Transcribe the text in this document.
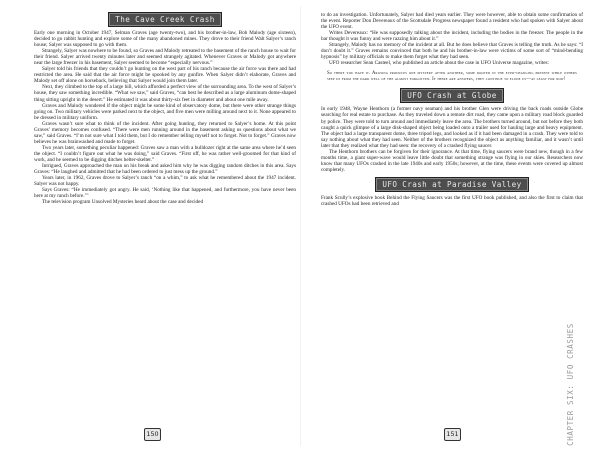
The Cave Creek Crash

Early one morning in October 1947, Selman Graves (age twenty-two), and his brother-in-law, Bob Malody (age sixteen), decided to go rabbit hunting and explore some of the many abandoned mines. They drove to their friend Walt Salyer’s ranch house; Salyer was supposed to go with them.

Strangely, Salyer was nowhere to be found, so Graves and Malody retreated to the basement of the ranch house to wait for their friend. Salyer arrived twenty minutes later and seemed strangely agitated. Whenever Graves or Malody got anywhere near the large freezer in his basement, Salyer seemed to become “especially nervous.”

Salyer told his friends that they couldn’t go hunting on the west part of his ranch because the air force was there and had restricted the area. He said that the air force might be spooked by any gunfire. When Salyer didn’t elaborate, Graves and Malody set off alone on horseback, believing that Salyer would join them later.

Next, they climbed to the top of a large hill, which afforded a perfect view of the surrounding area. To the west of Salyer’s house, they saw something incredible. “What we saw,” said Graves, “can best be described as a large aluminum dome-shaped thing sitting upright in the desert.” He estimated it was about thirty-six feet in diameter and about one mile away.

Graves and Malody wondered if the object might be some kind of observatory dome, but there were other strange things going on. Two military vehicles were parked next to the object, and five men were milling around next to it. None appeared to be dressed in military uniform.

Graves wasn’t sure what to think of the incident. After going hunting, they returned to Salyer’s home. At this point Graves’ memory becomes confused. “There were men running around in the basement asking us questions about what we saw,” said Graves. “I’m not sure what I told them, but I do remember telling myself not to forget. Not to forget.” Graves now believes he was brainwashed and made to forget.

Two years later, something peculiar happened: Graves saw a man with a bulldozer right at the same area where he’d seen the object. “I couldn’t figure out what he was doing,” said Graves. “First off, he was rather well-groomed for that kind of work, and he seemed to be digging ditches helter-skelter.”

Intrigued, Graves approached the man on his break and asked him why he was digging random ditches in this area. Says Graves: “He laughed and admitted that he had been ordered to just mess up the ground.”

Years later, in 1962, Graves drove to Salyer’s ranch “on a whim,” to ask what he remembered about the 1947 incident. Salyer was not happy.

Says Graves: “He immediately got angry. He said, ‘Nothing like that happened, and furthermore, you have never been here at my ranch before.’”

The television program Unsolved Mysteries heard about the case and decided

to do an investigation. Unfortunately, Salyer had died years earlier. They were however, able to obtain some confirmation of the event. Reporter Don Devereaux of the Scottsdale Progress newspaper found a resident who had spoken with Salyer about the UFO event.

Writes Devereaux: “He was supposedly talking about the incident, including the bodies in the freezer. The people in the bar thought it was funny and were razzing him about it.”

Strangely, Malody has no memory of the incident at all. But he does believe that Graves is telling the truth. As he says: “I don’t doubt it.” Graves remains convinced that both he and his brother-in-law were victims of some sort of “mind-bending hypnosis” by military officials to make them forget what they had seen.

UFO researcher Sean Casteel, who published an article about the case in UFO Universe magazine, writes:

So there you have it. Arizona produces one mystery after another, some rooted in the ever-changing present while others seep up from the dark well of the almost forgotten. If there are answers, they continue to elude us—at least for now!
UFO Crash at Globe

In early 1948, Wayne Henthorn (a former navy seaman) and his brother Glen were driving the back roads outside Globe searching for real estate to purchase. As they traveled down a remote dirt road, they came upon a military road block guarded by police. They were told to turn around and immediately leave the area. The brothers turned around, but not before they both caught a quick glimpse of a large disk-shaped object being loaded onto a trailer used for hauling large and heavy equipment. The object had a large transparent dome, three tripod legs, and looked as if it had been damaged in a crash. They were told to say nothing about what they had seen. Neither of the brothers recognized the object as anything familiar, and it wasn’t until later that they realized what they had seen: the recovery of a crashed flying saucer.

The Henthorn brothers can be forgiven for their ignorance. At that time, flying saucers were brand new, though in a few months time, a giant super-wave would leave little doubt that something strange was flying in our skies. Researchers now know that many UFOs crashed in the late 1940s and early 1950s; however, at the time, these events were covered up almost completely.

UFO Crash at Paradise Valley

Frank Scully’s explosive book Behind the Flying Saucers was the first UFO book published, and also the first to claim that crashed UFOs had been retrieved and

150	151	CHAPTER SIX: UFO CRASHES
